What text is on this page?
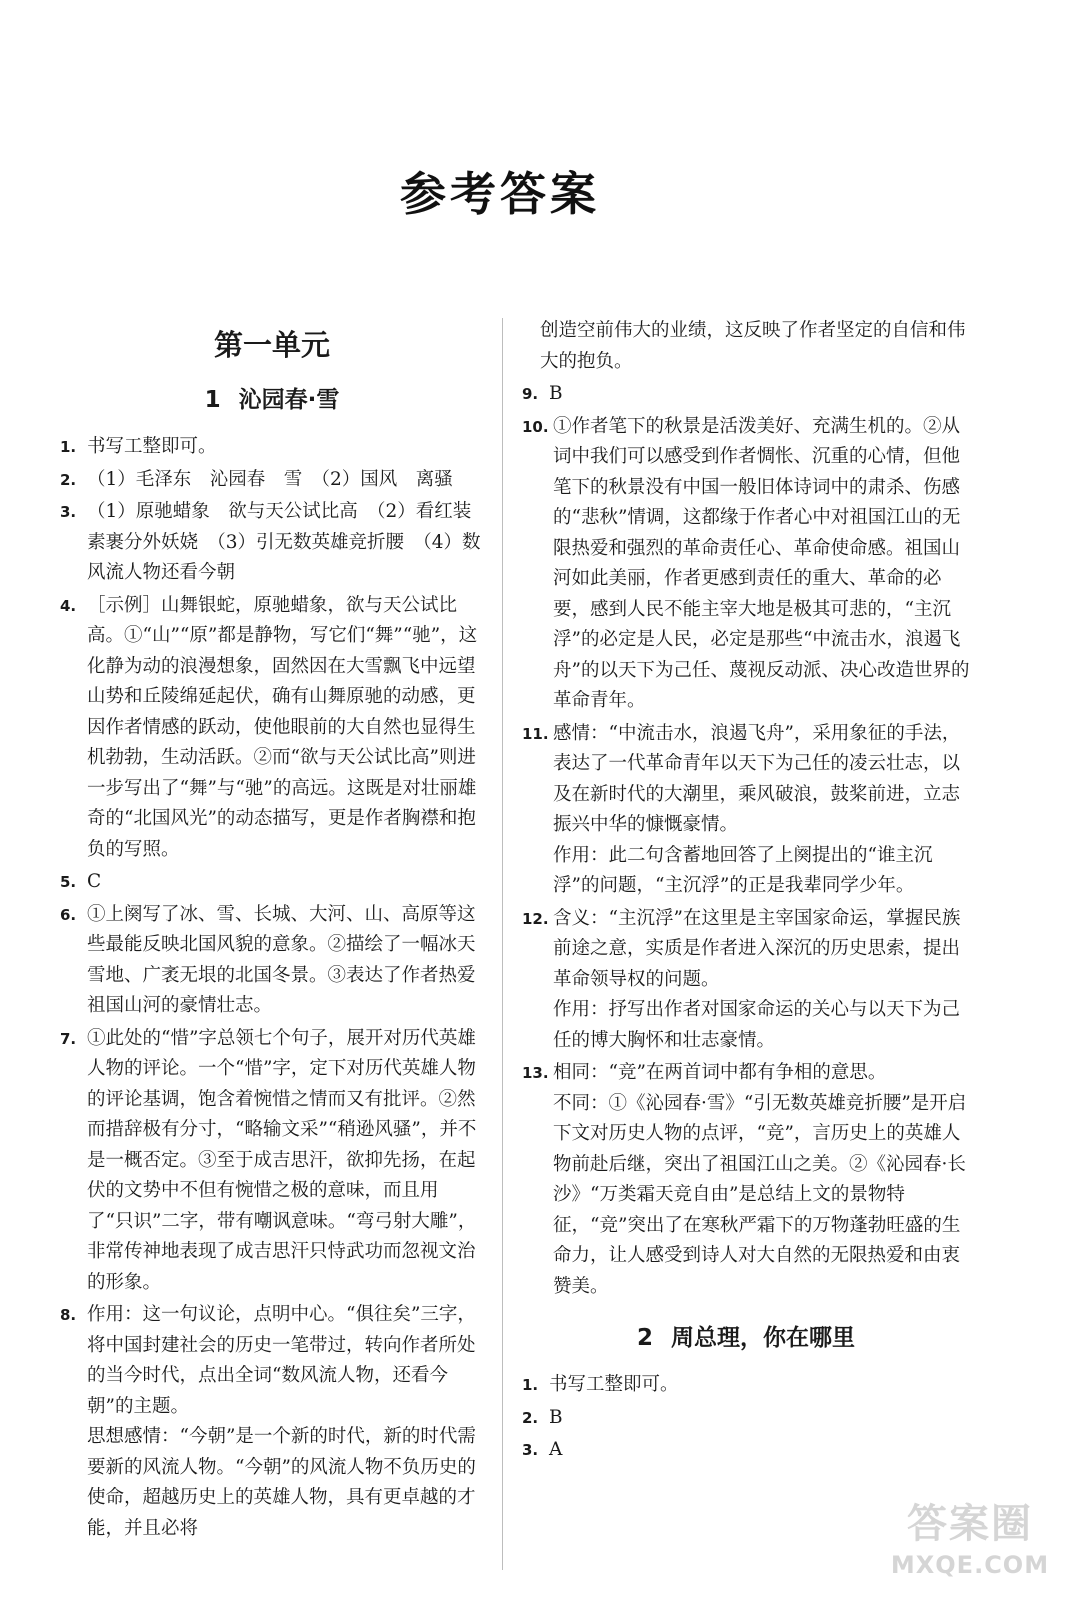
参考答案
第一单元
1 沁园春·雪
1. 书写工整即可。

2. （1）毛泽东　沁园春　雪　（2）国风　离骚

3. （1）原驰蜡象　欲与天公试比高　（2）看红装素裹分外妖娆　（3）引无数英雄竞折腰　（4）数风流人物还看今朝

4. ［示例］山舞银蛇，原驰蜡象，欲与天公试比高。①“山”“原”都是静物，写它们“舞”“驰”，这化静为动的浪漫想象，固然因在大雪飘飞中远望山势和丘陵绵延起伏，确有山舞原驰的动感，更因作者情感的跃动，使他眼前的大自然也显得生机勃勃，生动活跃。②而“欲与天公试比高”则进一步写出了“舞”与“驰”的高远。这既是对壮丽雄奇的“北国风光”的动态描写，更是作者胸襟和抱负的写照。

5. C

6. ①上阕写了冰、雪、长城、大河、山、高原等这些最能反映北国风貌的意象。②描绘了一幅冰天雪地、广袤无垠的北国冬景。③表达了作者热爱祖国山河的豪情壮志。

7. ①此处的“惜”字总领七个句子，展开对历代英雄人物的评论。一个“惜”字，定下对历代英雄人物的评论基调，饱含着惋惜之情而又有批评。②然而措辞极有分寸，“略输文采”“稍逊风骚”，并不是一概否定。③至于成吉思汗，欲抑先扬，在起伏的文势中不但有惋惜之极的意味，而且用了“只识”二字，带有嘲讽意味。“弯弓射大雕”，非常传神地表现了成吉思汗只恃武功而忽视文治的形象。

8. 作用：这一句议论，点明中心。“俱往矣”三字，将中国封建社会的历史一笔带过，转向作者所处的当今时代，点出全词“数风流人物，还看今朝”的主题。

思想感情：“今朝”是一个新的时代，新的时代需要新的风流人物。“今朝”的风流人物不负历史的使命，超越历史上的英雄人物，具有更卓越的才能，并且必将

创造空前伟大的业绩，这反映了作者坚定的自信和伟大的抱负。

9. B

10. ①作者笔下的秋景是活泼美好、充满生机的。②从词中我们可以感受到作者惆怅、沉重的心情，但他笔下的秋景没有中国一般旧体诗词中的肃杀、伤感的“悲秋”情调，这都缘于作者心中对祖国江山的无限热爱和强烈的革命责任心、革命使命感。祖国山河如此美丽，作者更感到责任的重大、革命的必要，感到人民不能主宰大地是极其可悲的，“主沉浮”的必定是人民，必定是那些“中流击水，浪遏飞舟”的以天下为己任、蔑视反动派、决心改造世界的革命青年。

11. 感情：“中流击水，浪遏飞舟”，采用象征的手法，表达了一代革命青年以天下为己任的凌云壮志，以及在新时代的大潮里，乘风破浪，鼓桨前进，立志振兴中华的慷慨豪情。

作用：此二句含蓄地回答了上阕提出的“谁主沉浮”的问题，“主沉浮”的正是我辈同学少年。

12. 含义：“主沉浮”在这里是主宰国家命运，掌握民族前途之意，实质是作者进入深沉的历史思索，提出革命领导权的问题。

作用：抒写出作者对国家命运的关心与以天下为己任的博大胸怀和壮志豪情。

13. 相同：“竞”在两首词中都有争相的意思。

不同：①《沁园春·雪》“引无数英雄竞折腰”是开启下文对历史人物的点评，“竞”，言历史上的英雄人物前赴后继，突出了祖国江山之美。②《沁园春·长沙》“万类霜天竞自由”是总结上文的景物特征，“竞”突出了在寒秋严霜下的万物蓬勃旺盛的生命力，让人感受到诗人对大自然的无限热爱和由衷赞美。

2 周总理，你在哪里
1. 书写工整即可。

2. B

3. A

答案圈
MXQE.COM
